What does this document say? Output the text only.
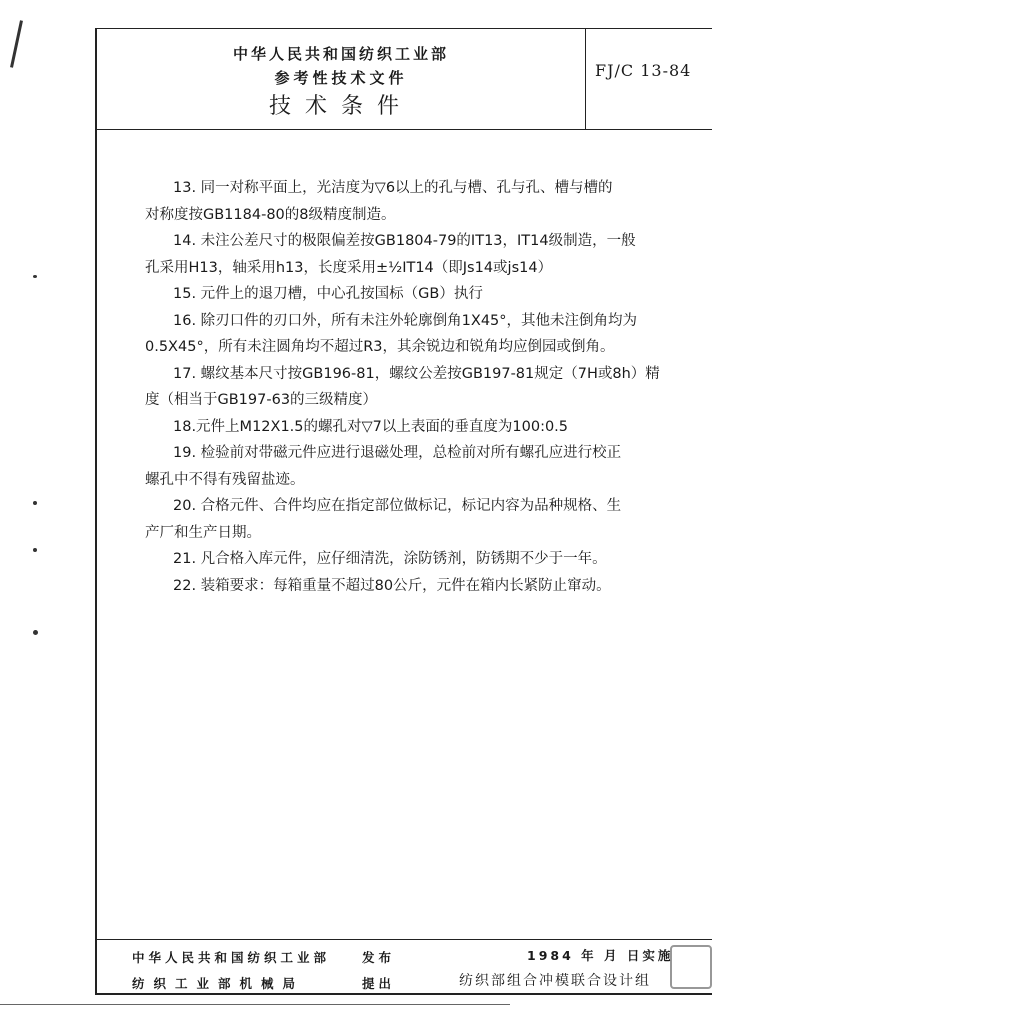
中华人民共和国纺织工业部
参考性技术文件
技术条件
FJ/C 13-84
13. 同一对称平面上，光洁度为▽6以上的孔与槽、孔与孔、槽与槽的
对称度按GB1184-80的8级精度制造。
14. 未注公差尺寸的极限偏差按GB1804-79的IT13，IT14级制造，一般
孔采用H13，轴采用h13，长度采用±½IT14（即Js14或js14）
15. 元件上的退刀槽，中心孔按国标（GB）执行
16. 除刃口件的刃口外，所有未注外轮廓倒角1X45°，其他未注倒角均为
0.5X45°，所有未注圆角均不超过R3，其余锐边和锐角均应倒园或倒角。
17. 螺纹基本尺寸按GB196-81，螺纹公差按GB197-81规定（7H或8h）精
度（相当于GB197-63的三级精度）
18.元件上M12X1.5的螺孔对▽7以上表面的垂直度为100:0.5
19. 检验前对带磁元件应进行退磁处理，总检前对所有螺孔应进行校正
螺孔中不得有残留盐迹。
20. 合格元件、合件均应在指定部位做标记，标记内容为品种规格、生
产厂和生产日期。
21. 凡合格入库元件，应仔细清洗，涂防锈剂，防锈期不少于一年。
22. 装箱要求：每箱重量不超过80公斤，元件在箱内长紧防止窜动。
中华人民共和国纺织工业部	发布	1984 年 月 日实施
纺织工业部机械局	提出	纺织部组合冲模联合设计组
